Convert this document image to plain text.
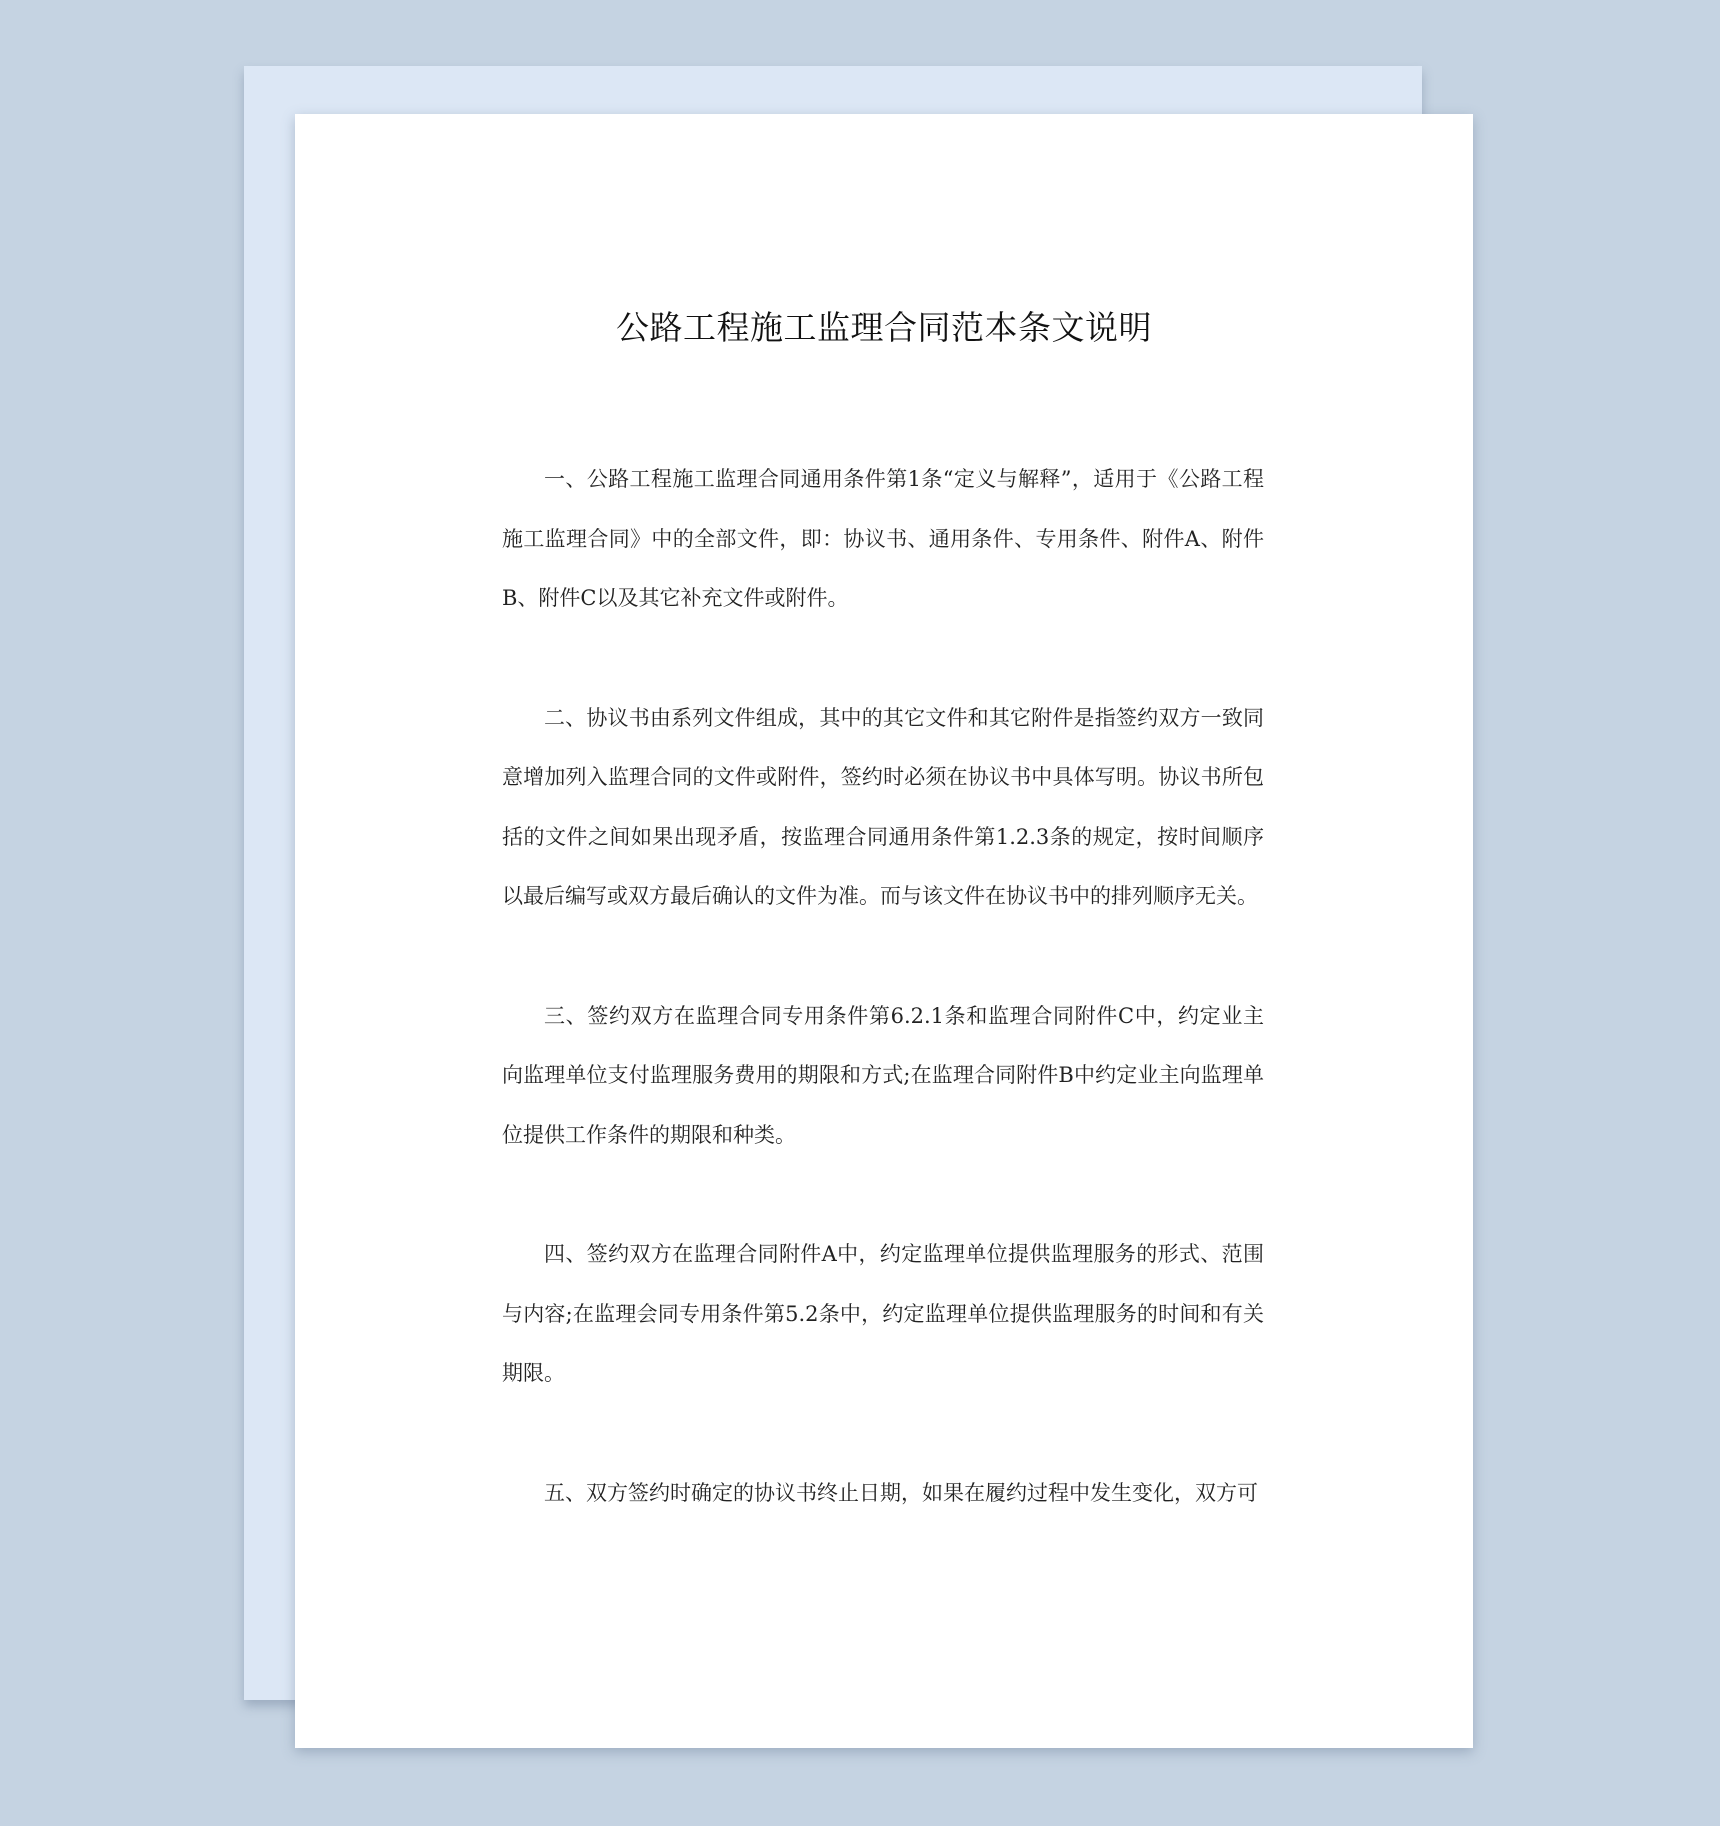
公路工程施工监理合同范本条文说明

一、公路工程施工监理合同通用条件第1条“定义与解释”，适用于《公路工程施工监理合同》中的全部文件，即：协议书、通用条件、专用条件、附件A、附件B、附件C以及其它补充文件或附件。

二、协议书由系列文件组成，其中的其它文件和其它附件是指签约双方一致同意增加列入监理合同的文件或附件，签约时必须在协议书中具体写明。协议书所包括的文件之间如果出现矛盾，按监理合同通用条件第1.2.3条的规定，按时间顺序以最后编写或双方最后确认的文件为准。而与该文件在协议书中的排列顺序无关。

三、签约双方在监理合同专用条件第6.2.1条和监理合同附件C中，约定业主向监理单位支付监理服务费用的期限和方式;在监理合同附件B中约定业主向监理单位提供工作条件的期限和种类。

四、签约双方在监理合同附件A中，约定监理单位提供监理服务的形式、范围与内容;在监理会同专用条件第5.2条中，约定监理单位提供监理服务的时间和有关期限。

五、双方签约时确定的协议书终止日期，如果在履约过程中发生变化，双方可
